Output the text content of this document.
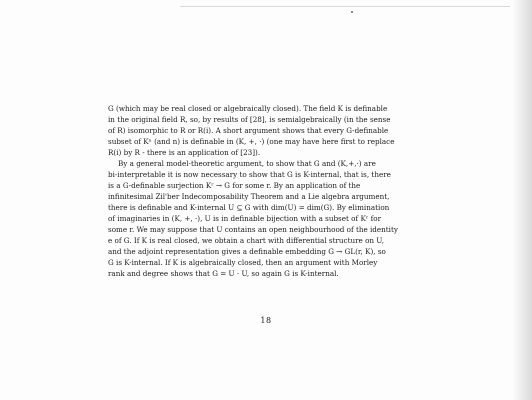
G (which may be real closed or algebraically closed). The field K is definable
in the original field R, so, by results of [28], is semialgebraically (in the sense
of R) isomorphic to R or R(i). A short argument shows that every G-definable
subset of Kⁿ (and n) is definable in (K, +, ·) (one may have here first to replace
R(i) by R - there is an application of [23]).
By a general model-theoretic argument, to show that G and (K,+,·) are
bi-interpretable it is now necessary to show that G is K-internal, that is, there
is a G-definable surjection Kʳ → G for some r. By an application of the
infinitesimal Zil'ber Indecomposability Theorem and a Lie algebra argument,
there is definable and K-internal U ⊆ G with dim(U) = dim(G). By elimination
of imaginaries in (K, +, ·), U is in definable bijection with a subset of Kʳ for
some r. We may suppose that U contains an open neighbourhood of the identity
e of G. If K is real closed, we obtain a chart with differential structure on U,
and the adjoint representation gives a definable embedding G → GL(r, K), so
G is K-internal. If K is algebraically closed, then an argument with Morley
rank and degree shows that G = U · U, so again G is K-internal.
18
